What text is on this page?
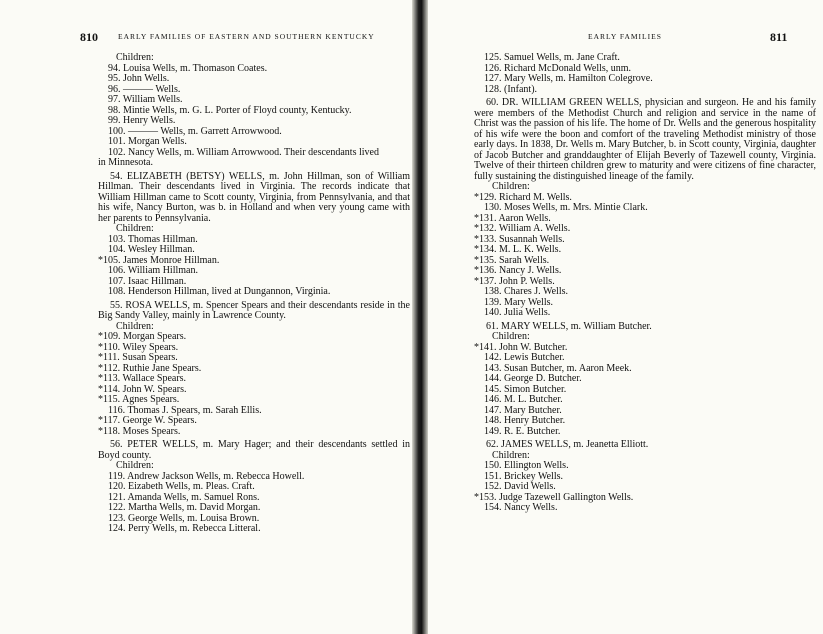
810	EARLY FAMILIES OF EASTERN AND SOUTHERN KENTUCKY
Children:
94. Louisa Wells, m. Thomason Coates.
95. John Wells.
96. ——— Wells.
97. William Wells.
98. Mintie Wells, m. G. L. Porter of Floyd county, Kentucky.
99. Henry Wells.
100. ——— Wells, m. Garrett Arrowwood.
101. Morgan Wells.
102. Nancy Wells, m. William Arrowwood. Their descendants lived
in Minnesota.
54. ELIZABETH (BETSY) WELLS, m. John Hillman, son of William Hillman. Their descendants lived in Virginia. The records indicate that William Hillman came to Scott county, Virginia, from Pennsylvania, and that his wife, Nancy Burton, was b. in Holland and when very young came with her parents to Pennsylvania.
Children:
103. Thomas Hillman.
104. Wesley Hillman.
*105. James Monroe Hillman.
106. William Hillman.
107. Isaac Hillman.
108. Henderson Hillman, lived at Dungannon, Virginia.
55. ROSA WELLS, m. Spencer Spears and their descendants reside in the Big Sandy Valley, mainly in Lawrence County.
Children:
*109. Morgan Spears.
*110. Wiley Spears.
*111. Susan Spears.
*112. Ruthie Jane Spears.
*113. Wallace Spears.
*114. John W. Spears.
*115. Agnes Spears.
116. Thomas J. Spears, m. Sarah Ellis.
*117. George W. Spears.
*118. Moses Spears.
56. PETER WELLS, m. Mary Hager; and their descendants settled in Boyd county.
Children:
119. Andrew Jackson Wells, m. Rebecca Howell.
120. Eizabeth Wells, m. Pleas. Craft.
121. Amanda Wells, m. Samuel Rons.
122. Martha Wells, m. David Morgan.
123. George Wells, m. Louisa Brown.
124. Perry Wells, m. Rebecca Litteral.
EARLY FAMILIES	811
125. Samuel Wells, m. Jane Craft.
126. Richard McDonald Wells, unm.
127. Mary Wells, m. Hamilton Colegrove.
128. (Infant).
60. DR. WILLIAM GREEN WELLS, physician and surgeon. He and his family were members of the Methodist Church and religion and service in the name of Christ was the passion of his life. The home of Dr. Wells and the generous hospitality of his wife were the boon and comfort of the traveling Methodist ministry of those early days. In 1838, Dr. Wells m. Mary Butcher, b. in Scott county, Virginia, daughter of Jacob Butcher and granddaughter of Elijah Beverly of Tazewell county, Virginia. Twelve of their thirteen children grew to maturity and were citizens of fine character, fully sustaining the distinguished lineage of the family.
Children:
*129. Richard M. Wells.
130. Moses Wells, m. Mrs. Mintie Clark.
*131. Aaron Wells.
*132. William A. Wells.
*133. Susannah Wells.
*134. M. L. K. Wells.
*135. Sarah Wells.
*136. Nancy J. Wells.
*137. John P. Wells.
138. Chares J. Wells.
139. Mary Wells.
140. Julia Wells.
61. MARY WELLS, m. William Butcher.
Children:
*141. John W. Butcher.
142. Lewis Butcher.
143. Susan Butcher, m. Aaron Meek.
144. George D. Butcher.
145. Simon Butcher.
146. M. L. Butcher.
147. Mary Butcher.
148. Henry Butcher.
149. R. E. Butcher.
62. JAMES WELLS, m. Jeanetta Elliott.
Children:
150. Ellington Wells.
151. Brickey Wells.
152. David Wells.
*153. Judge Tazewell Gallington Wells.
154. Nancy Wells.
